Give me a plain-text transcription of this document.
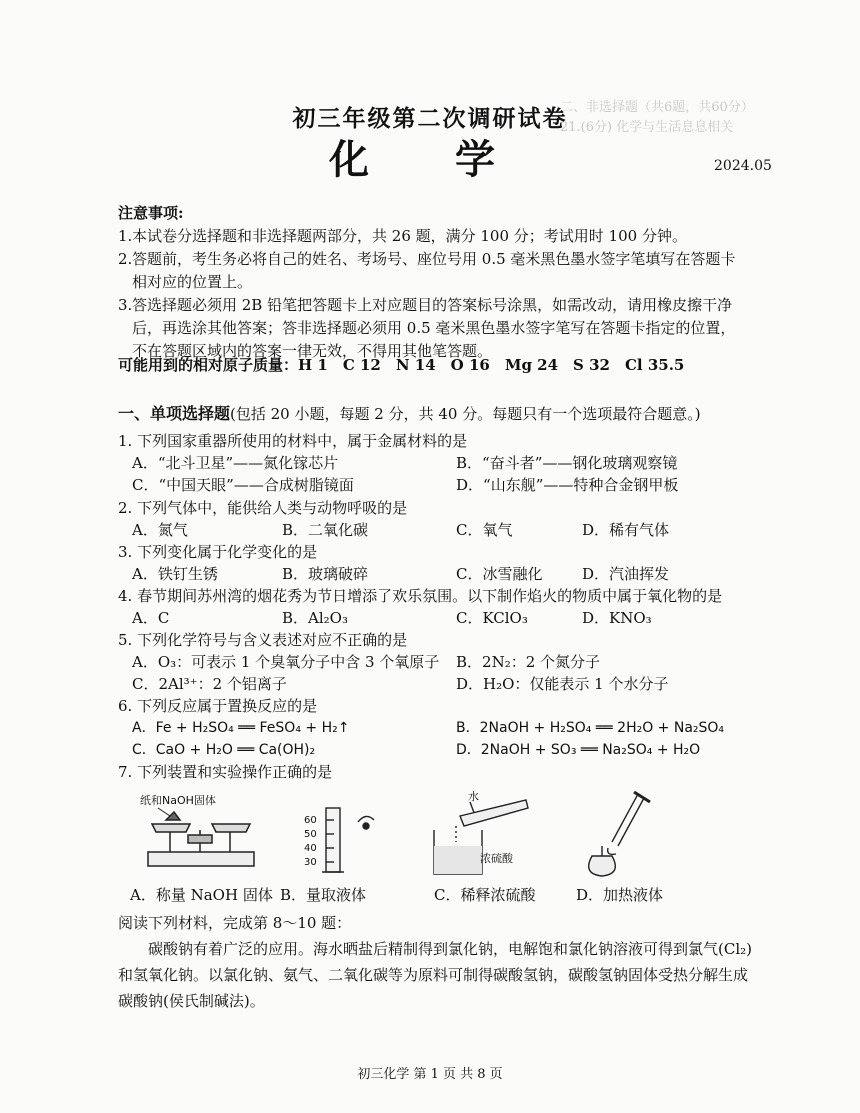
二、非选择题（共6题，共60分）
21.(6分) 化学与生活息息相关
初三年级第二次调研试卷
化 学	2024.05
注意事项:
1. 本试卷分选择题和非选择题两部分，共 26 题，满分 100 分；考试用时 100 分钟。
2. 答题前，考生务必将自己的姓名、考场号、座位号用 0.5 毫米黑色墨水签字笔填写在答题卡相对应的位置上。
3. 答选择题必须用 2B 铅笔把答题卡上对应题目的答案标号涂黑，如需改动，请用橡皮擦干净后，再选涂其他答案；答非选择题必须用 0.5 毫米黑色墨水签字笔写在答题卡指定的位置，不在答题区域内的答案一律无效，不得用其他笔答题。
可能用到的相对原子质量：H 1　C 12　N 14　O 16　Mg 24　S 32　Cl 35.5
一、单项选择题(包括 20 小题，每题 2 分，共 40 分。每题只有一个选项最符合题意。)
1. 下列国家重器所使用的材料中，属于金属材料的是
A．“北斗卫星”——氮化镓芯片	B．“奋斗者”——钢化玻璃观察镜
C．“中国天眼”——合成树脂镜面	D．“山东舰”——特种合金钢甲板
2. 下列气体中，能供给人类与动物呼吸的是
A．氮气	B．二氧化碳	C．氧气	D．稀有气体
3. 下列变化属于化学变化的是
A．铁钉生锈	B．玻璃破碎	C．冰雪融化	D．汽油挥发
4. 春节期间苏州湾的烟花秀为节日增添了欢乐氛围。以下制作焰火的物质中属于氧化物的是
A．C	B．Al₂O₃	C．KClO₃	D．KNO₃
5. 下列化学符号与含义表述对应不正确的是
A．O₃：可表示 1 个臭氧分子中含 3 个氧原子 B．2N₂：2 个氮分子
C．2Al³⁺：2 个铝离子	D．H₂O：仅能表示 1 个水分子
6. 下列反应属于置换反应的是
A．Fe + H₂SO₄ ══ FeSO₄ + H₂↑	B．2NaOH + H₂SO₄ ══ 2H₂O + Na₂SO₄
C．CaO + H₂O ══ Ca(OH)₂	D．2NaOH + SO₃ ══ Na₂SO₄ + H₂O
7. 下列装置和实验操作正确的是
纸和NaOH固体
60
50
40
30
水
浓硫酸
A．称量 NaOH 固体 B．量取液体	C．稀释浓硫酸	D．加热液体
阅读下列材料，完成第 8～10 题：
碳酸钠有着广泛的应用。海水晒盐后精制得到氯化钠，电解饱和氯化钠溶液可得到氯气(Cl₂)和氢氧化钠。以氯化钠、氨气、二氧化碳等为原料可制得碳酸氢钠，碳酸氢钠固体受热分解生成碳酸钠(侯氏制碱法)。
初三化学 第 1 页 共 8 页
